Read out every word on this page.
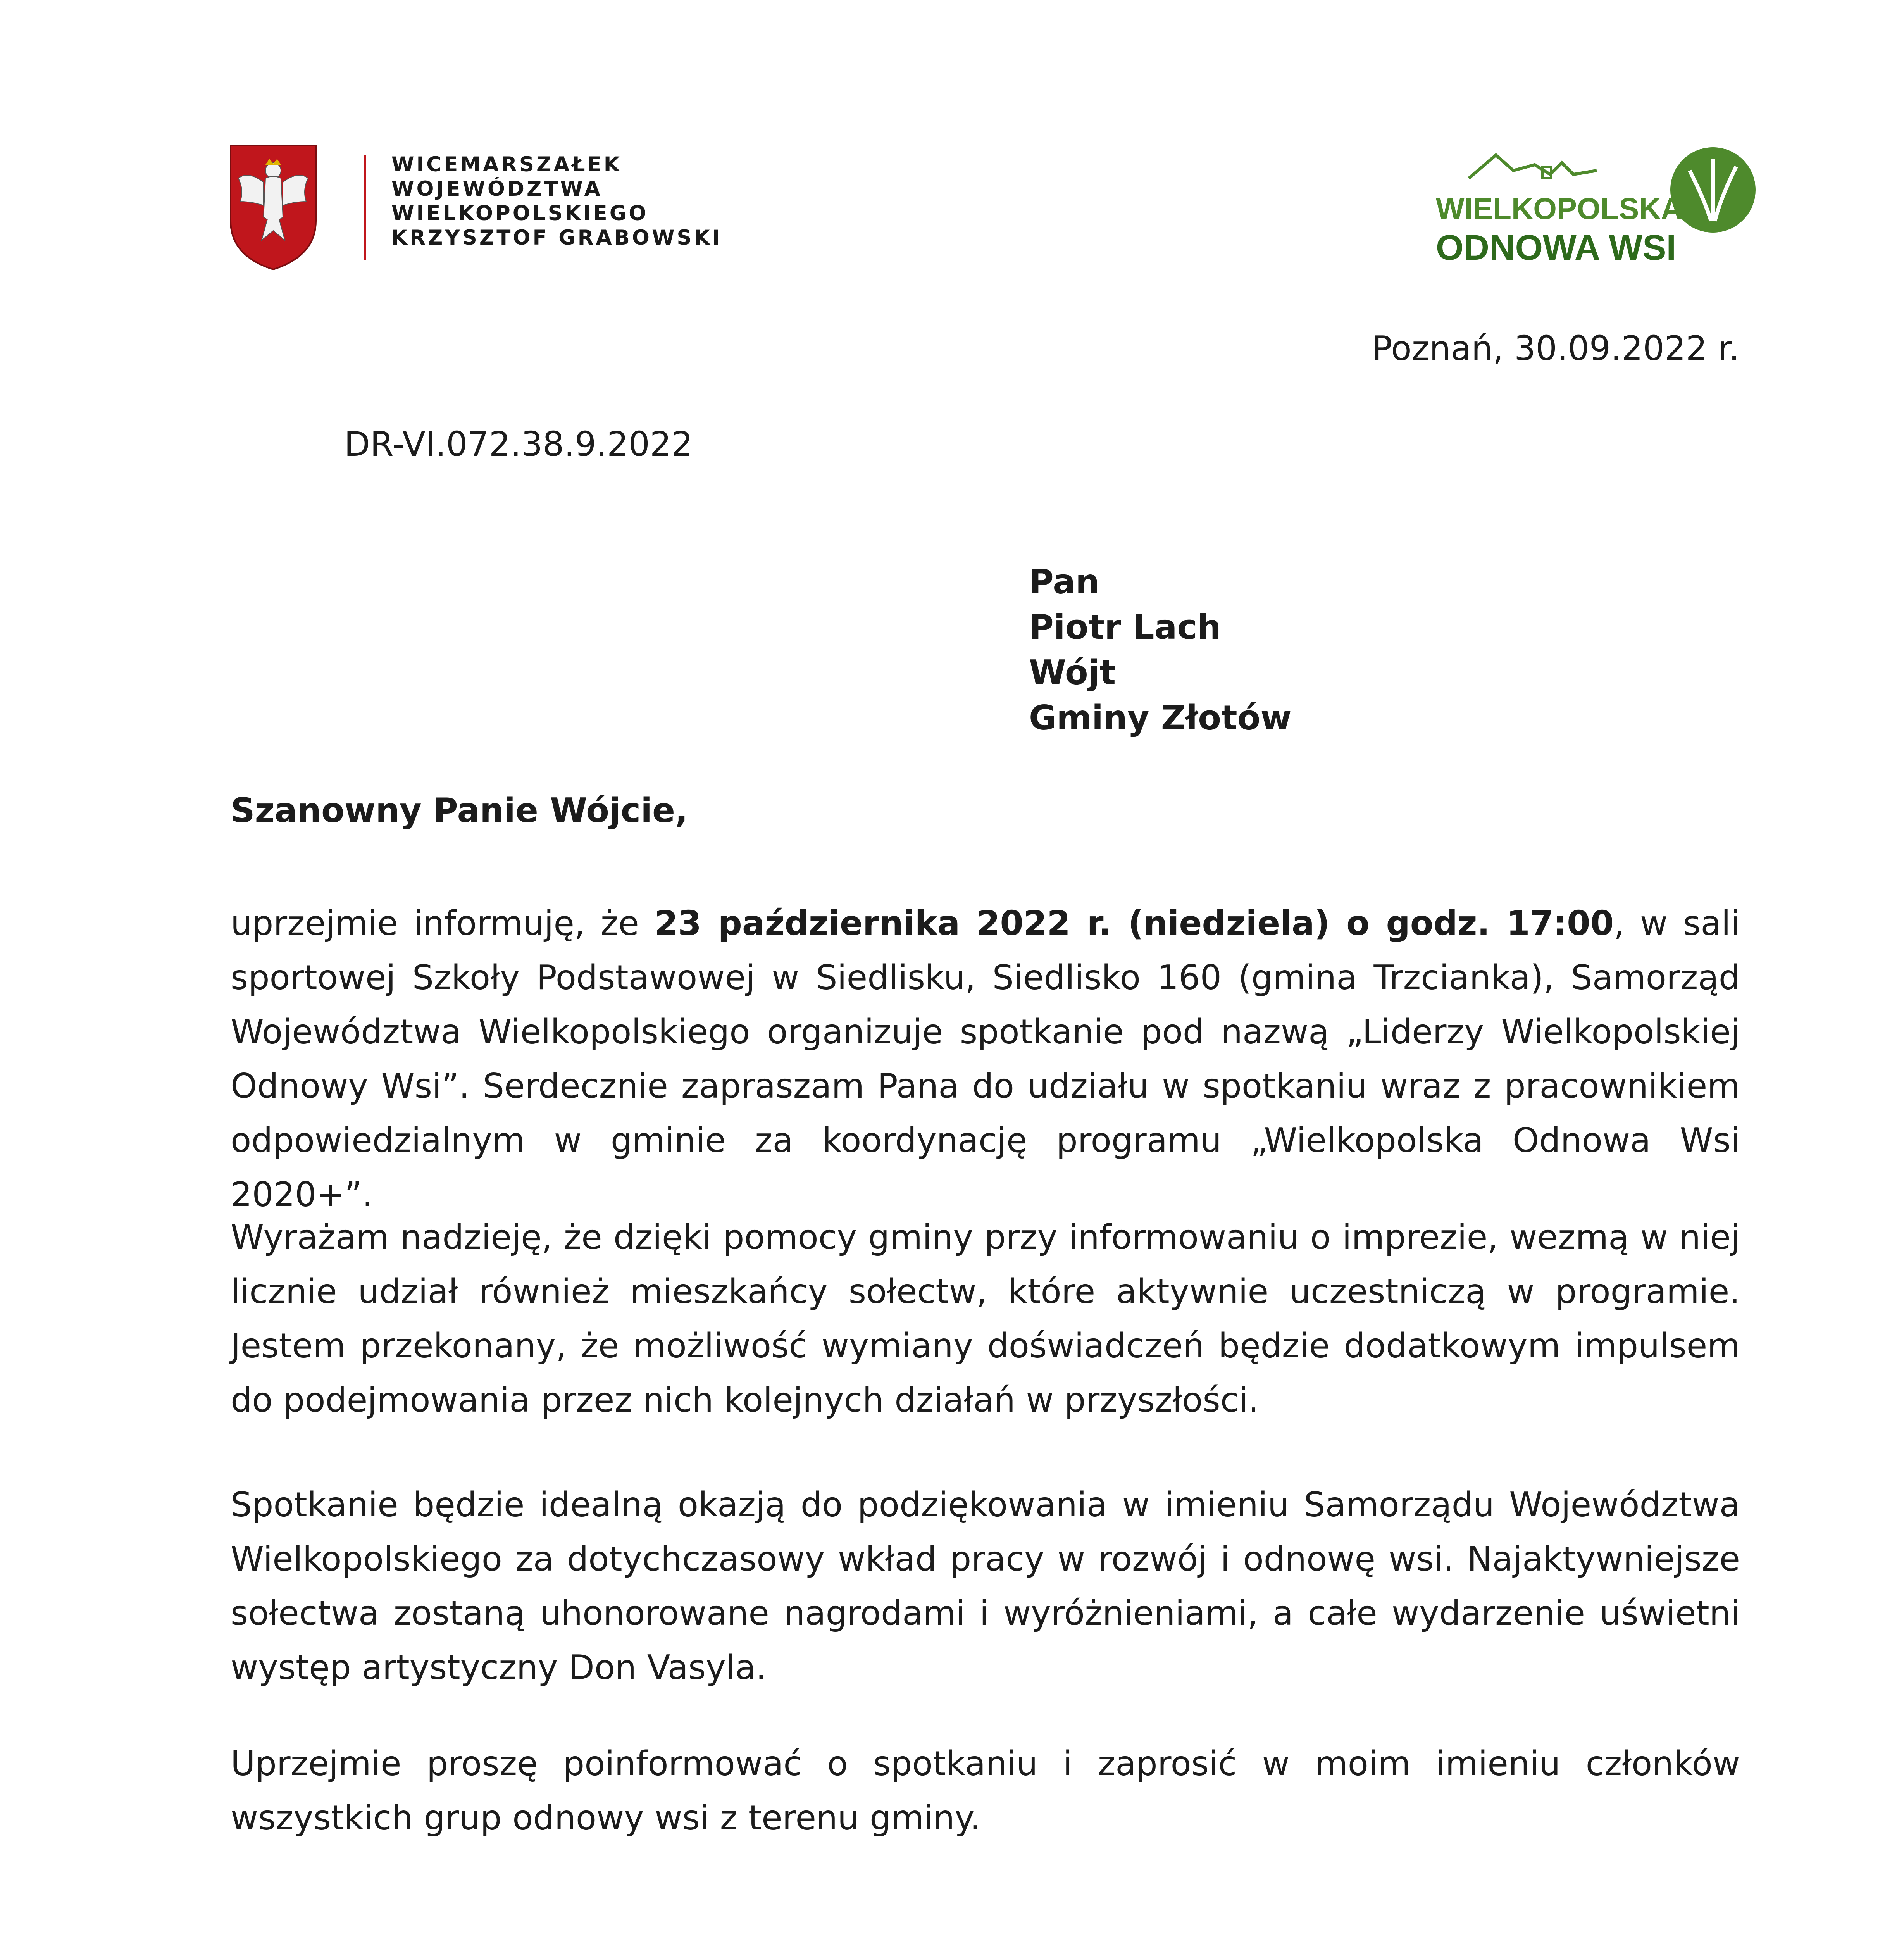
WICEMARSZAŁEK
WOJEWÓDZTWA
WIELKOPOLSKIEGO
KRZYSZTOF GRABOWSKI
WIELKOPOLSKA
ODNOWA WSI
Poznań, 30.09.2022 r.
DR-VI.072.38.9.2022
Pan
Piotr Lach
Wójt
Gminy Złotów
Szanowny Panie Wójcie,

uprzejmie informuję, że 23 października 2022 r. (niedziela) o godz. 17:00, w sali sportowej Szkoły Podstawowej w Siedlisku, Siedlisko 160 (gmina Trzcianka), Samorząd Województwa Wielkopolskiego organizuje spotkanie pod nazwą „Liderzy Wielkopolskiej Odnowy Wsi”. Serdecznie zapraszam Pana do udziału w spotkaniu wraz z pracownikiem odpowiedzialnym w gminie za koordynację programu „Wielkopolska Odnowa Wsi 2020+”.

Wyrażam nadzieję, że dzięki pomocy gminy przy informowaniu o imprezie, wezmą w niej licznie udział również mieszkańcy sołectw, które aktywnie uczestniczą w programie. Jestem przekonany, że możliwość wymiany doświadczeń będzie dodatkowym impulsem do podejmowania przez nich kolejnych działań w przyszłości.

Spotkanie będzie idealną okazją do podziękowania w imieniu Samorządu Województwa Wielkopolskiego za dotychczasowy wkład pracy w rozwój i odnowę wsi. Najaktywniejsze sołectwa zostaną uhonorowane nagrodami i wyróżnieniami, a całe wydarzenie uświetni występ artystyczny Don Vasyla.

Uprzejmie proszę poinformować o spotkaniu i zaprosić w moim imieniu członków wszystkich grup odnowy wsi z terenu gminy.
